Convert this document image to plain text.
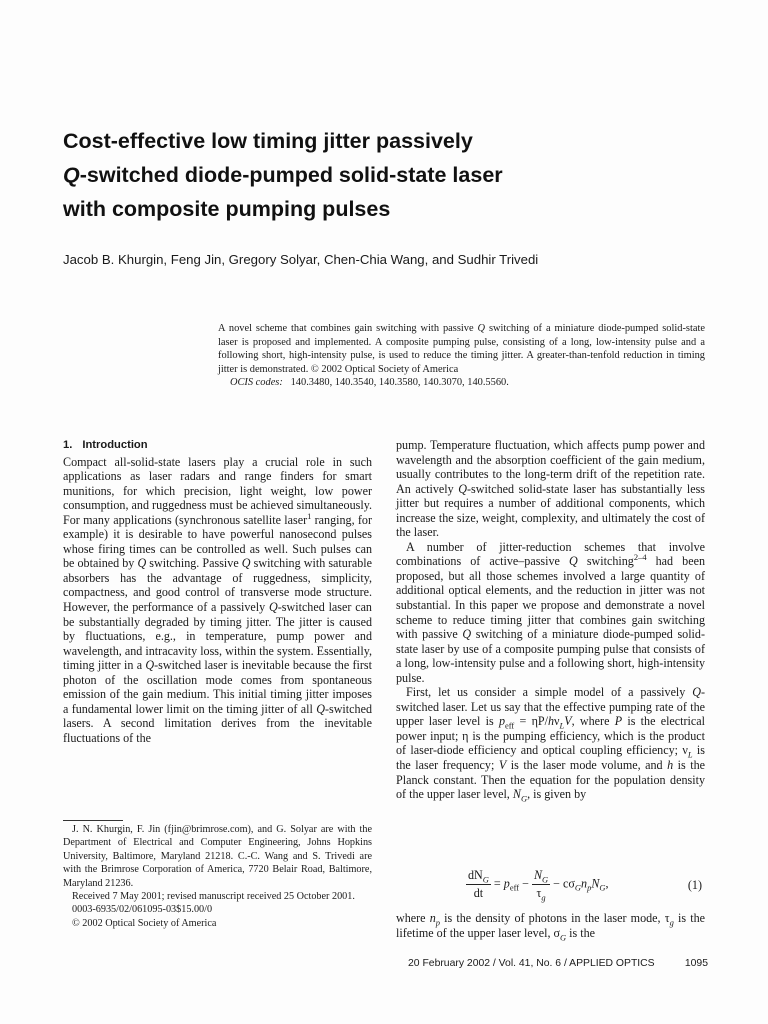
Cost-effective low timing jitter passively
Q-switched diode-pumped solid-state laser
with composite pumping pulses
Jacob B. Khurgin, Feng Jin, Gregory Solyar, Chen-Chia Wang, and Sudhir Trivedi
A novel scheme that combines gain switching with passive Q switching of a miniature diode-pumped solid-state laser is proposed and implemented. A composite pumping pulse, consisting of a long, low-intensity pulse and a following short, high-intensity pulse, is used to reduce the timing jitter. A greater-than-tenfold reduction in timing jitter is demonstrated. © 2002 Optical Society of America
OCIS codes: 140.3480, 140.3540, 140.3580, 140.3070, 140.5560.
1. Introduction

Compact all-solid-state lasers play a crucial role in such applications as laser radars and range finders for smart munitions, for which precision, light weight, low power consumption, and ruggedness must be achieved simultaneously. For many applications (synchronous satellite laser$^1$ ranging, for example) it is desirable to have powerful nanosecond pulses whose firing times can be controlled as well. Such pulses can be obtained by Q switching. Passive Q switching with saturable absorbers has the advantage of ruggedness, simplicity, compactness, and good control of transverse mode structure. However, the performance of a passively Q-switched laser can be substantially degraded by timing jitter. The jitter is caused by fluctuations, e.g., in temperature, pump power and wavelength, and intracavity loss, within the system. Essentially, timing jitter in a Q-switched laser is inevitable because the first photon of the oscillation mode comes from spontaneous emission of the gain medium. This initial timing jitter imposes a fundamental lower limit on the timing jitter of all Q-switched lasers. A second limitation derives from the inevitable fluctuations of the

J. N. Khurgin, F. Jin (fjin@brimrose.com), and G. Solyar are with the Department of Electrical and Computer Engineering, Johns Hopkins University, Baltimore, Maryland 21218. C.-C. Wang and S. Trivedi are with the Brimrose Corporation of America, 7720 Belair Road, Baltimore, Maryland 21236.

Received 7 May 2001; revised manuscript received 25 October 2001.

0003-6935/02/061095-03$15.00/0

© 2002 Optical Society of America

pump. Temperature fluctuation, which affects pump power and wavelength and the absorption coefficient of the gain medium, usually contributes to the long-term drift of the repetition rate. An actively Q-switched solid-state laser has substantially less jitter but requires a number of additional components, which increase the size, weight, complexity, and ultimately the cost of the laser.

A number of jitter-reduction schemes that involve combinations of active–passive Q switching$^{2-4}$ had been proposed, but all those schemes involved a large quantity of additional optical elements, and the reduction in jitter was not substantial. In this paper we propose and demonstrate a novel scheme to reduce timing jitter that combines gain switching with passive Q switching of a miniature diode-pumped solid-state laser by use of a composite pumping pulse that consists of a long, low-intensity pulse and a following short, high-intensity pulse.

First, let us consider a simple model of a passively Q-switched laser. Let us say that the effective pumping rate of the upper laser level is $p_{eff} = \eta P/h\nu_LV$, where P is the electrical power input; η is the pumping efficiency, which is the product of laser-diode efficiency and optical coupling efficiency; $\nu_L$ is the laser frequency; V is the laser mode volume, and h is the Planck constant. Then the equation for the population density of the upper laser level, $N_G$, is given by

$\frac{dN_G}{dt} = p_{eff} - \frac{N_G}{\tau_g} - c\sigma_Gn_pN_G$,	(1)
where $n_p$ is the density of photons in the laser mode, $\tau_g$ is the lifetime of the upper laser level, $\sigma_G$ is the
20 February 2002 / Vol. 41, No. 6 / APPLIED OPTICS	1095
